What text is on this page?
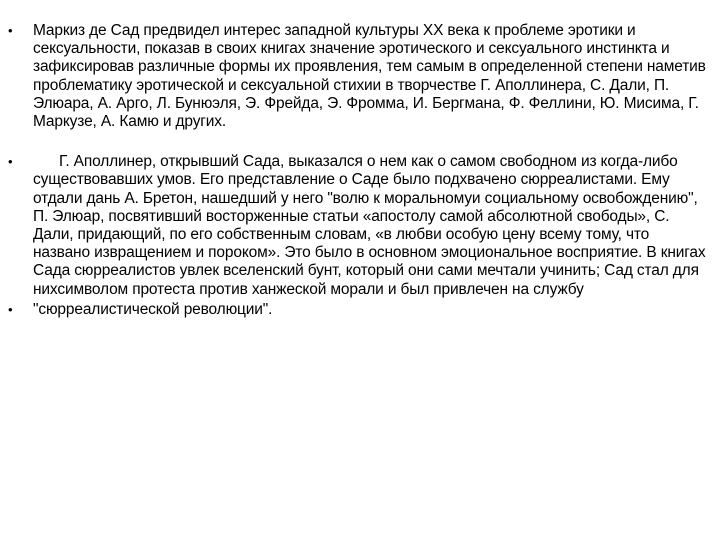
•	Маркиз де Сад предвидел интерес западной культуры XX века к проблеме эротики и сексуальности, показав в своих книгах значение эротического и сексуального инстинкта и зафиксировав различные формы их проявления, тем самым в определенной степени наметив проблематику эротической и сексуальной стихии в творчестве Г. Аполлинера, С. Дали, П. Элюара, А. Арго, Л. Бунюэля, Э. Фрейда, Э. Фромма, И. Бергмана, Ф. Феллини, Ю. Мисима, Г. Маркузе, А. Камю и других.
•	Г. Аполлинер, открывший Сада, выказался о нем как о самом свободном из когда-либо существовавших умов. Его представление о Саде было подхвачено сюрреалистами. Ему отдали дань А. Бретон, нашедший у него "волю к моральномуи социальному освобождению", П. Элюар, посвятивший восторженные статьи «апостолу самой абсолютной свободы», С. Дали, придающий, по его собственным словам, «в любви особую цену всему тому, что названо извращением и пороком». Это было в основном эмоциональное восприятие. В книгах Сада сюрреалистов увлек вселенский бунт, который они сами мечтали учинить; Сад стал для нихсимволом протеста против ханжеской морали и был привлечен на службу
•	"сюрреалистической революции".
